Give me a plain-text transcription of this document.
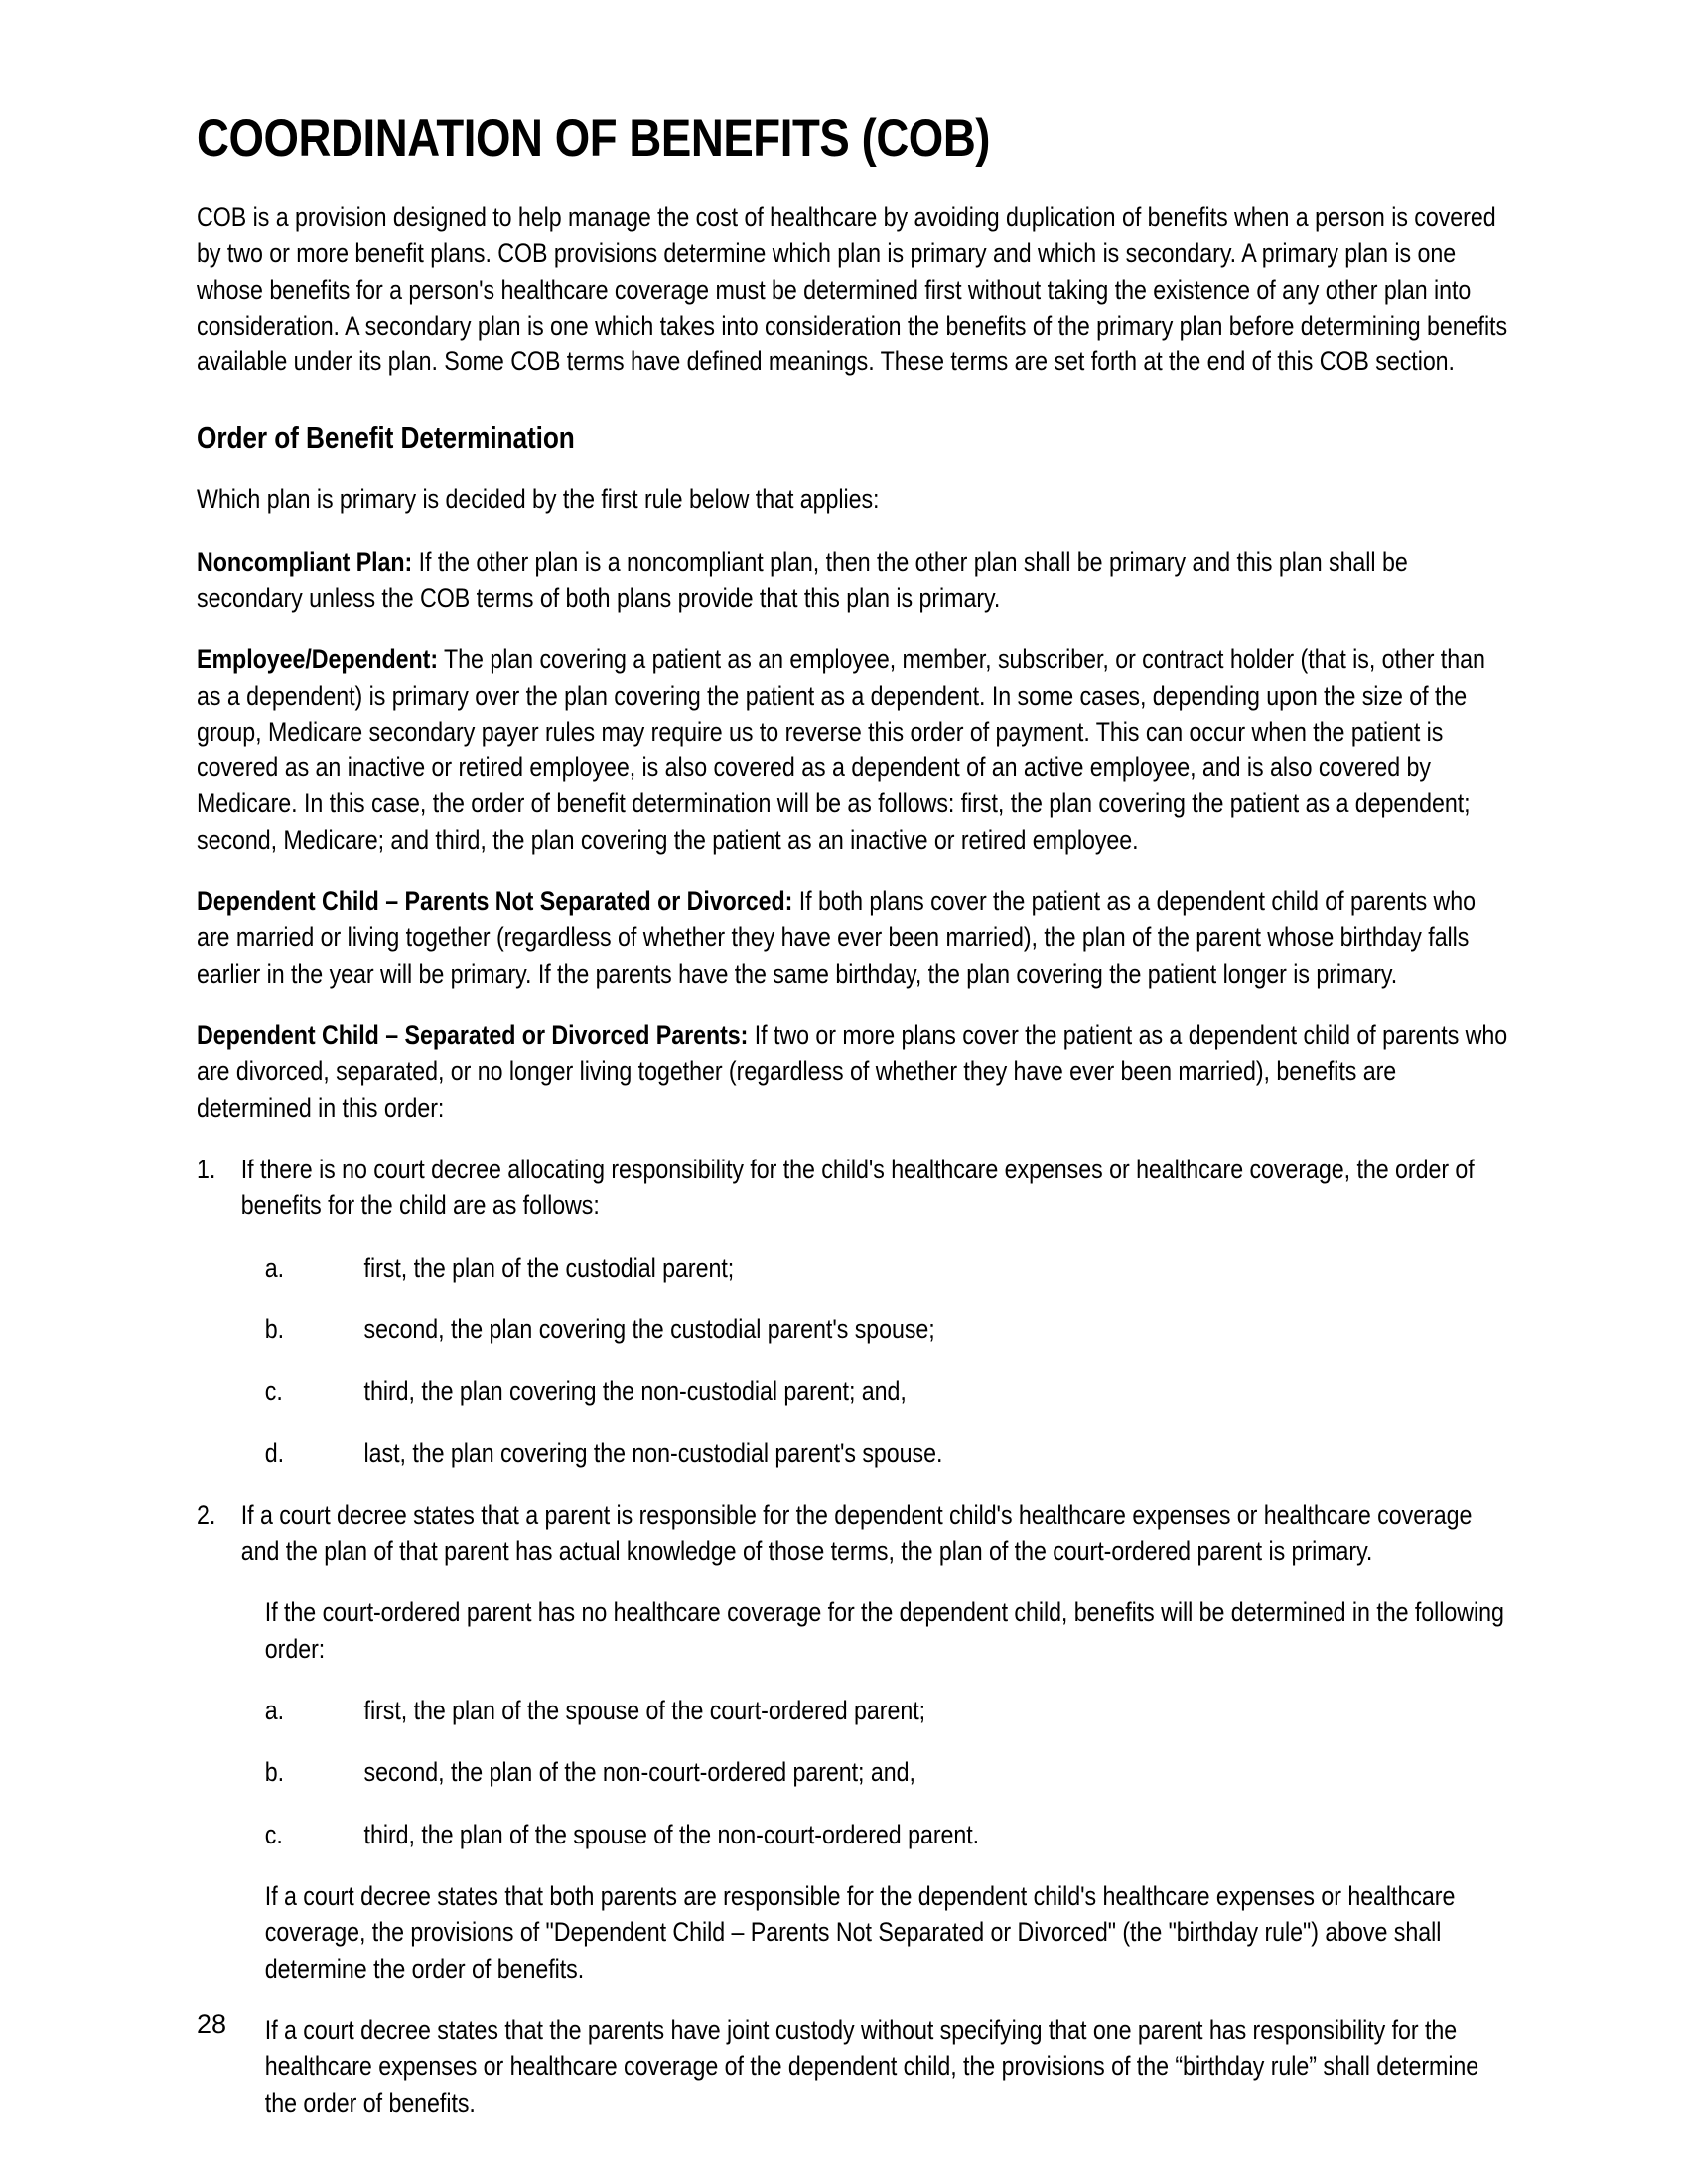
COORDINATION OF BENEFITS (COB)

COB is a provision designed to help manage the cost of healthcare by avoiding duplication of benefits when a person is covered by two or more benefit plans. COB provisions determine which plan is primary and which is secondary. A primary plan is one whose benefits for a person's healthcare coverage must be determined first without taking the existence of any other plan into consideration. A secondary plan is one which takes into consideration the benefits of the primary plan before determining benefits available under its plan. Some COB terms have defined meanings. These terms are set forth at the end of this COB section.

Order of Benefit Determination

Which plan is primary is decided by the first rule below that applies:

Noncompliant Plan: If the other plan is a noncompliant plan, then the other plan shall be primary and this plan shall be secondary unless the COB terms of both plans provide that this plan is primary.

Employee/Dependent: The plan covering a patient as an employee, member, subscriber, or contract holder (that is, other than as a dependent) is primary over the plan covering the patient as a dependent. In some cases, depending upon the size of the group, Medicare secondary payer rules may require us to reverse this order of payment. This can occur when the patient is covered as an inactive or retired employee, is also covered as a dependent of an active employee, and is also covered by Medicare. In this case, the order of benefit determination will be as follows: first, the plan covering the patient as a dependent; second, Medicare; and third, the plan covering the patient as an inactive or retired employee.

Dependent Child – Parents Not Separated or Divorced: If both plans cover the patient as a dependent child of parents who are married or living together (regardless of whether they have ever been married), the plan of the parent whose birthday falls earlier in the year will be primary. If the parents have the same birthday, the plan covering the patient longer is primary.

Dependent Child – Separated or Divorced Parents: If two or more plans cover the patient as a dependent child of parents who are divorced, separated, or no longer living together (regardless of whether they have ever been married), benefits are determined in this order:

1. If there is no court decree allocating responsibility for the child's healthcare expenses or healthcare coverage, the order of benefits for the child are as follows:
a.	first, the plan of the custodial parent;
b.	second, the plan covering the custodial parent's spouse;
c.	third, the plan covering the non-custodial parent; and,
d.	last, the plan covering the non-custodial parent's spouse.
2. If a court decree states that a parent is responsible for the dependent child's healthcare expenses or healthcare coverage and the plan of that parent has actual knowledge of those terms, the plan of the court-ordered parent is primary.

If the court-ordered parent has no healthcare coverage for the dependent child, benefits will be determined in the following order:

a.	first, the plan of the spouse of the court-ordered parent;
b.	second, the plan of the non-court-ordered parent; and,
c.	third, the plan of the spouse of the non-court-ordered parent.

If a court decree states that both parents are responsible for the dependent child's healthcare expenses or healthcare coverage, the provisions of "Dependent Child – Parents Not Separated or Divorced" (the "birthday rule") above shall determine the order of benefits.

If a court decree states that the parents have joint custody without specifying that one parent has responsibility for the healthcare expenses or healthcare coverage of the dependent child, the provisions of the “birthday rule” shall determine the order of benefits.

28
